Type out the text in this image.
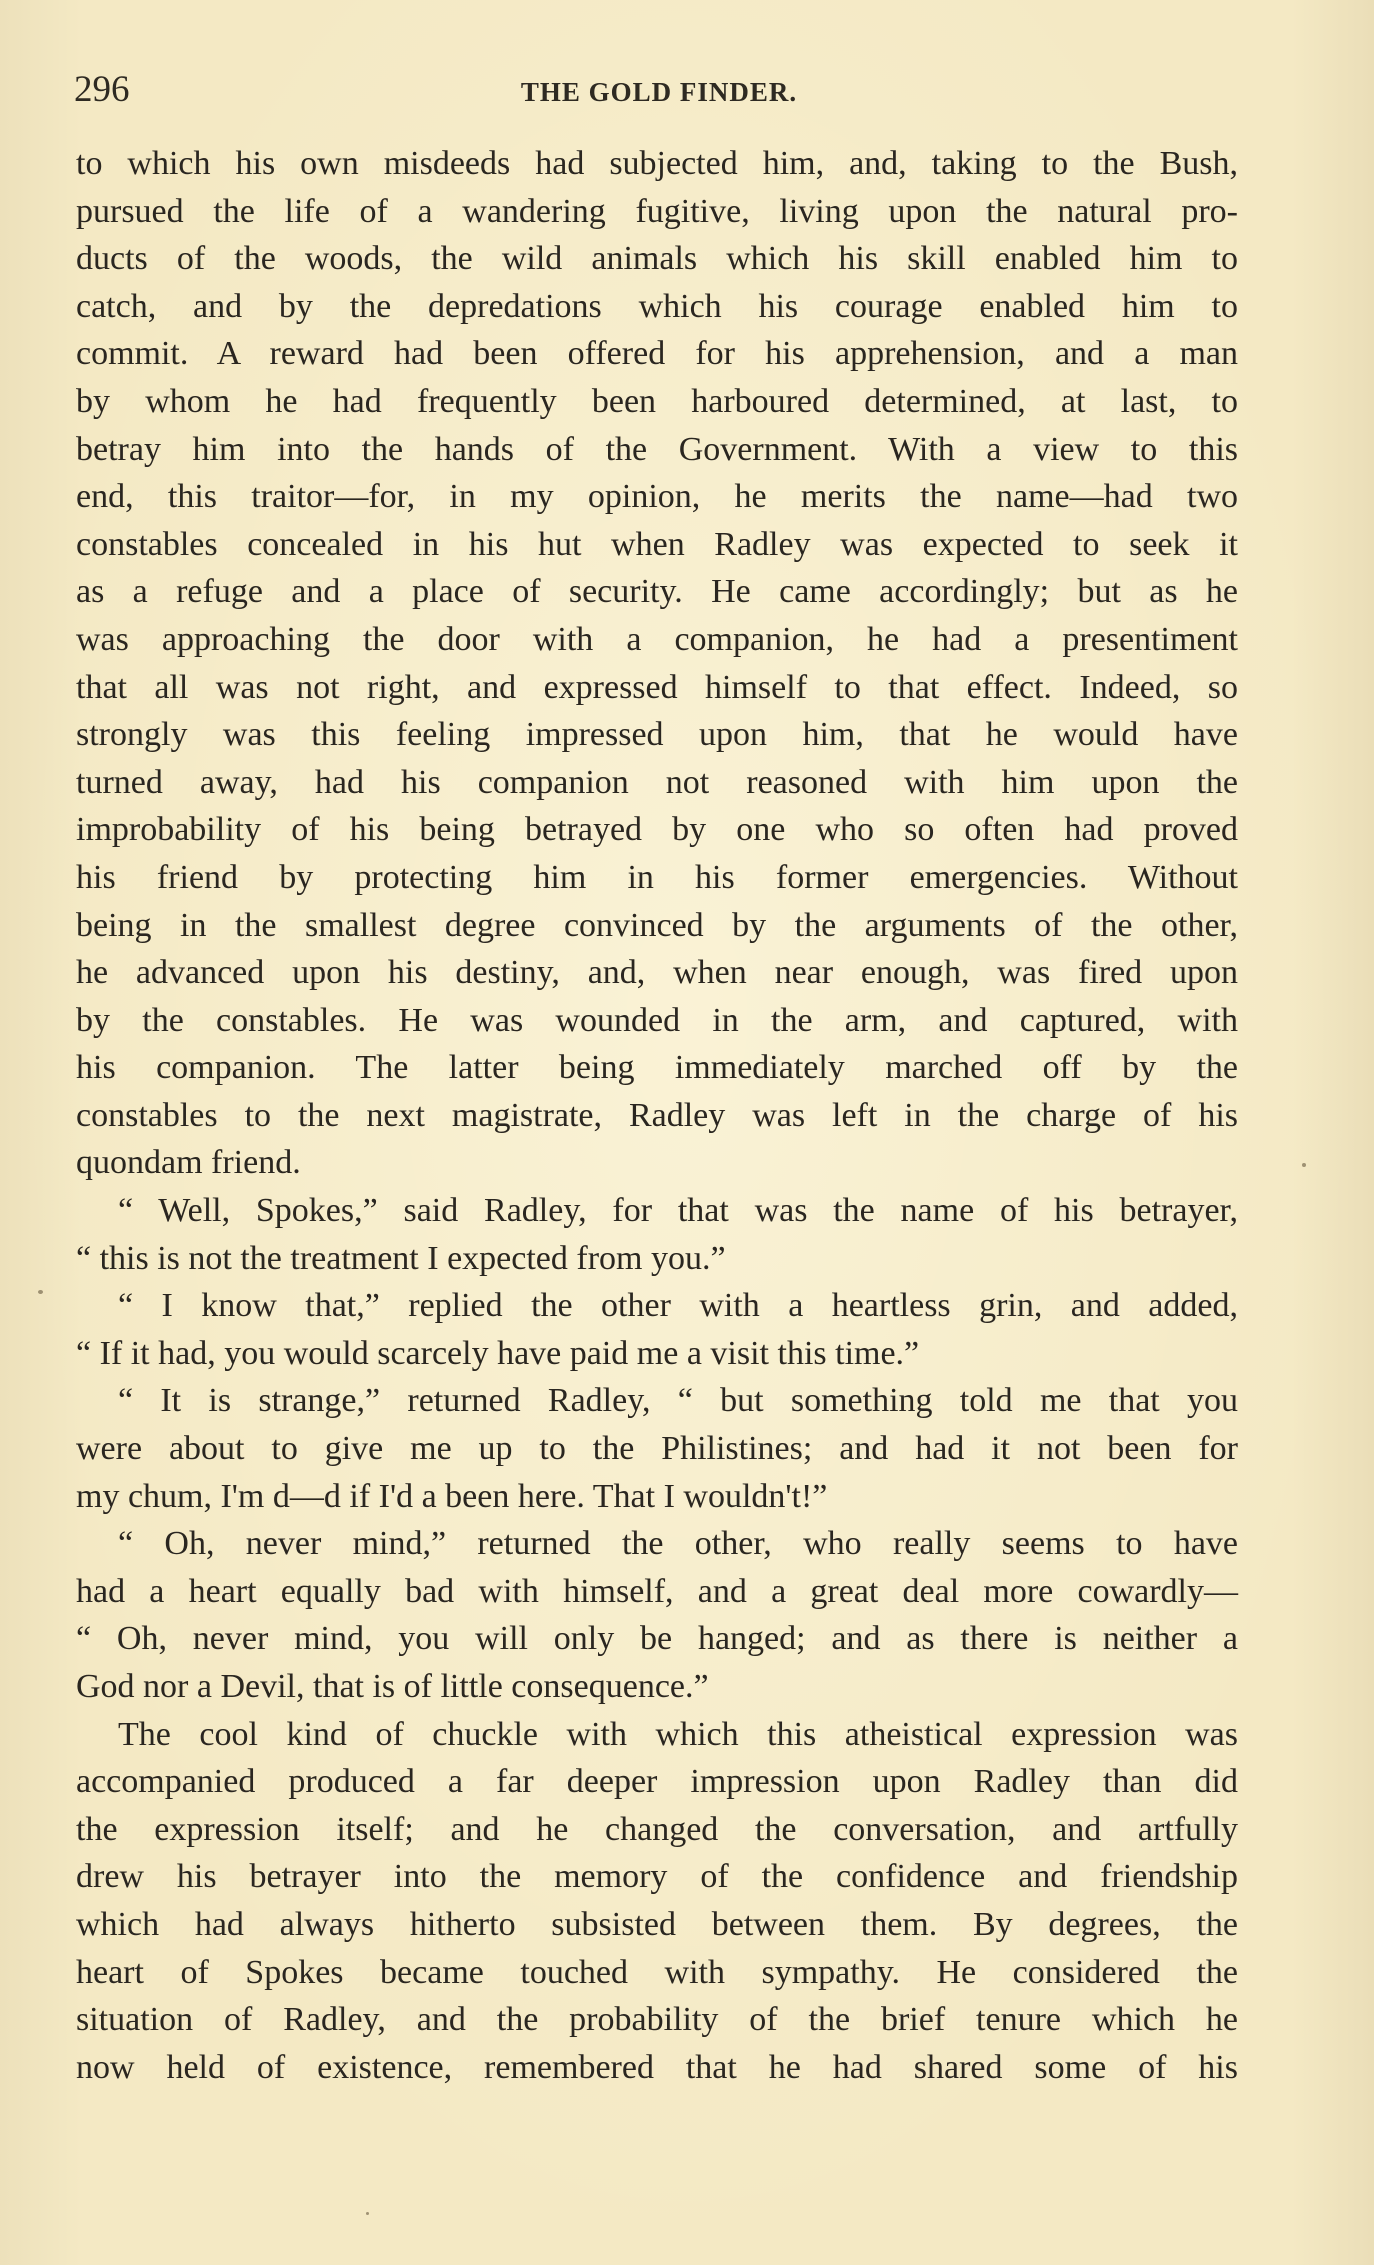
296	THE GOLD FINDER.

to which his own misdeeds had subjected him, and, taking to the Bush,

pursued the life of a wandering fugitive, living upon the natural pro-

ducts of the woods, the wild animals which his skill enabled him to

catch, and by the depredations which his courage enabled him to

commit. A reward had been offered for his apprehension, and a man

by whom he had frequently been harboured determined, at last, to

betray him into the hands of the Government. With a view to this

end, this traitor—for, in my opinion, he merits the name—had two

constables concealed in his hut when Radley was expected to seek it

as a refuge and a place of security. He came accordingly; but as he

was approaching the door with a companion, he had a presentiment

that all was not right, and expressed himself to that effect. Indeed, so

strongly was this feeling impressed upon him, that he would have

turned away, had his companion not reasoned with him upon the

improbability of his being betrayed by one who so often had proved

his friend by protecting him in his former emergencies. Without

being in the smallest degree convinced by the arguments of the other,

he advanced upon his destiny, and, when near enough, was fired upon

by the constables. He was wounded in the arm, and captured, with

his companion. The latter being immediately marched off by the

constables to the next magistrate, Radley was left in the charge of his

quondam friend.

“ Well, Spokes,” said Radley, for that was the name of his betrayer,

“ this is not the treatment I expected from you.”

“ I know that,” replied the other with a heartless grin, and added,

“ If it had, you would scarcely have paid me a visit this time.”

“ It is strange,” returned Radley, “ but something told me that you

were about to give me up to the Philistines; and had it not been for

my chum, I'm d—d if I'd a been here. That I wouldn't!”

“ Oh, never mind,” returned the other, who really seems to have

had a heart equally bad with himself, and a great deal more cowardly—

“ Oh, never mind, you will only be hanged; and as there is neither a

God nor a Devil, that is of little consequence.”

The cool kind of chuckle with which this atheistical expression was

accompanied produced a far deeper impression upon Radley than did

the expression itself; and he changed the conversation, and artfully

drew his betrayer into the memory of the confidence and friendship

which had always hitherto subsisted between them. By degrees, the

heart of Spokes became touched with sympathy. He considered the

situation of Radley, and the probability of the brief tenure which he

now held of existence, remembered that he had shared some of his
